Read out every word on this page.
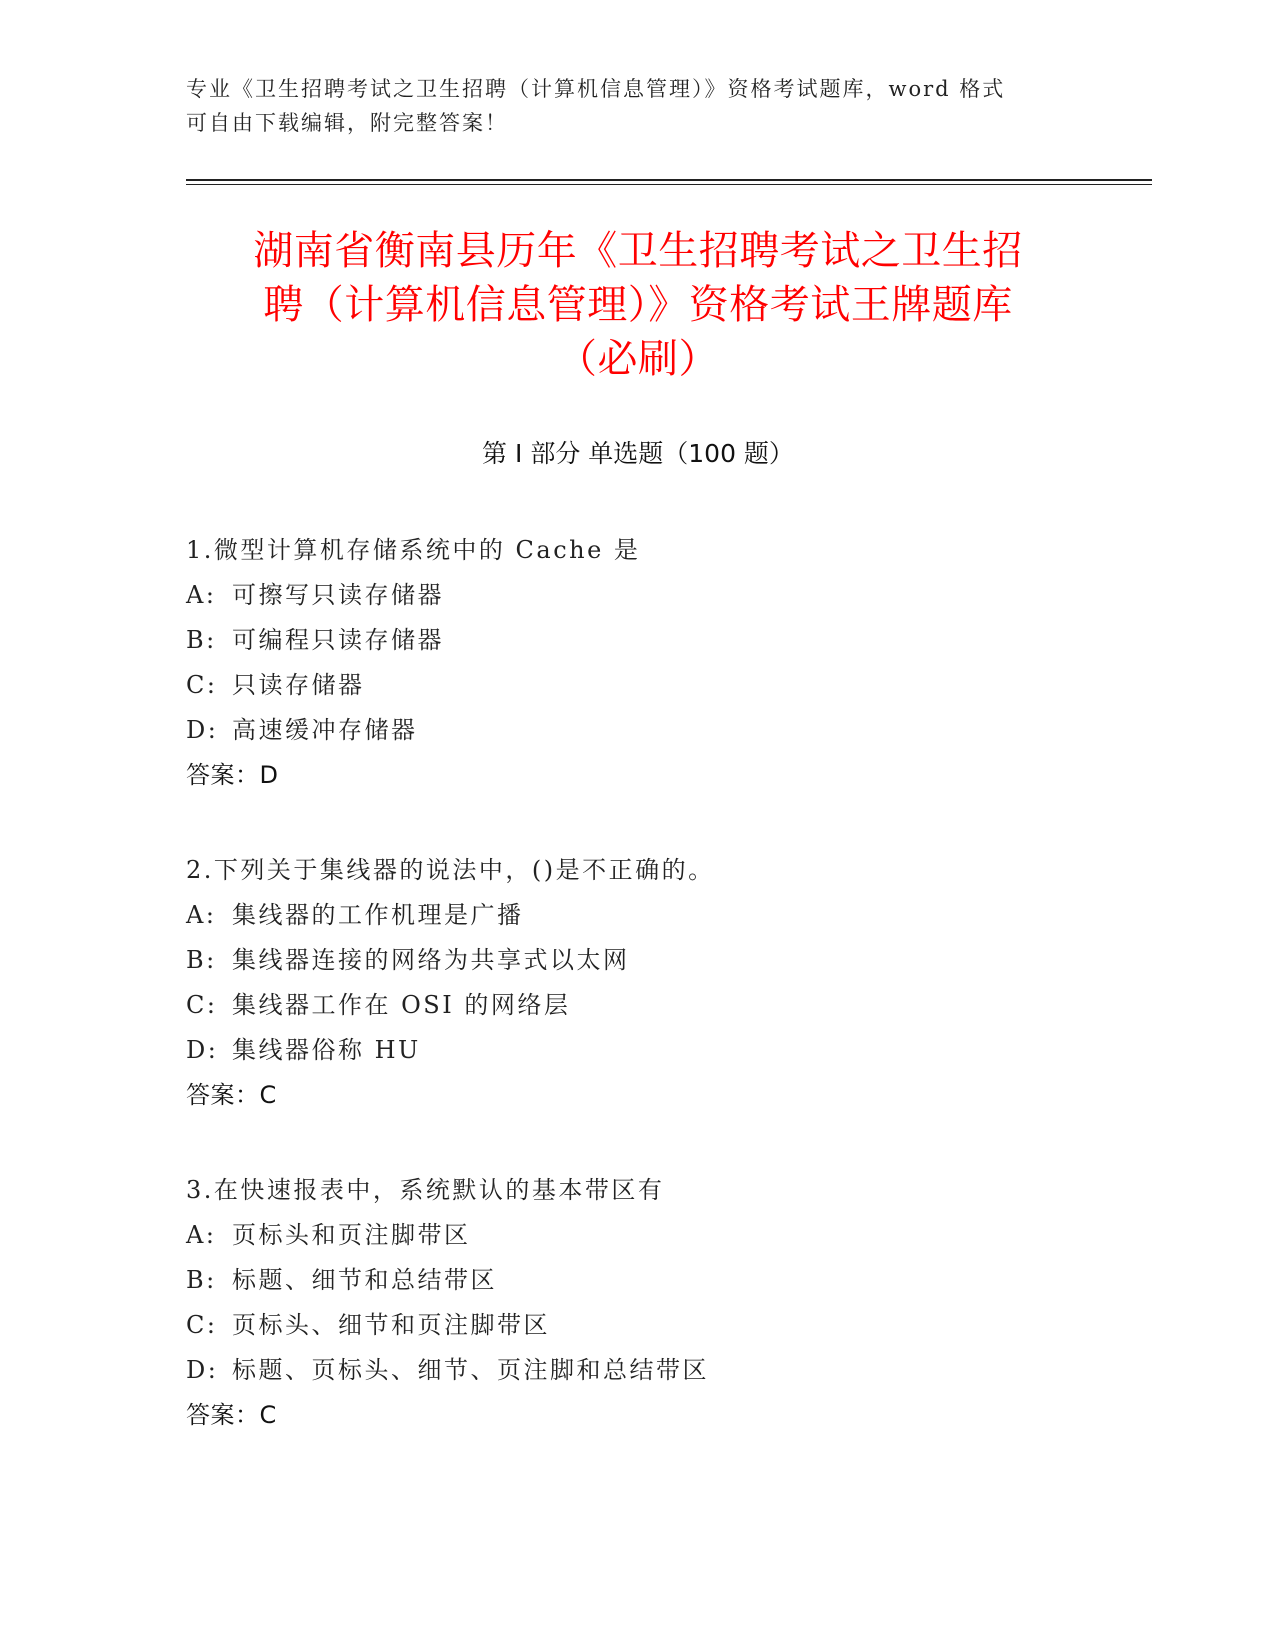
专业《卫生招聘考试之卫生招聘（计算机信息管理）》资格考试题库，word 格式
可自由下载编辑，附完整答案！
湖南省衡南县历年《卫生招聘考试之卫生招
聘（计算机信息管理）》资格考试王牌题库
（必刷）
第 I 部分 单选题（100 题）
1.微型计算机存储系统中的 Cache 是
A: 可擦写只读存储器
B: 可编程只读存储器
C: 只读存储器
D: 高速缓冲存储器
答案：D
2.下列关于集线器的说法中，()是不正确的。
A: 集线器的工作机理是广播
B: 集线器连接的网络为共享式以太网
C: 集线器工作在 OSI 的网络层
D: 集线器俗称 HU
答案：C
3.在快速报表中，系统默认的基本带区有
A: 页标头和页注脚带区
B: 标题、细节和总结带区
C: 页标头、细节和页注脚带区
D: 标题、页标头、细节、页注脚和总结带区
答案：C
